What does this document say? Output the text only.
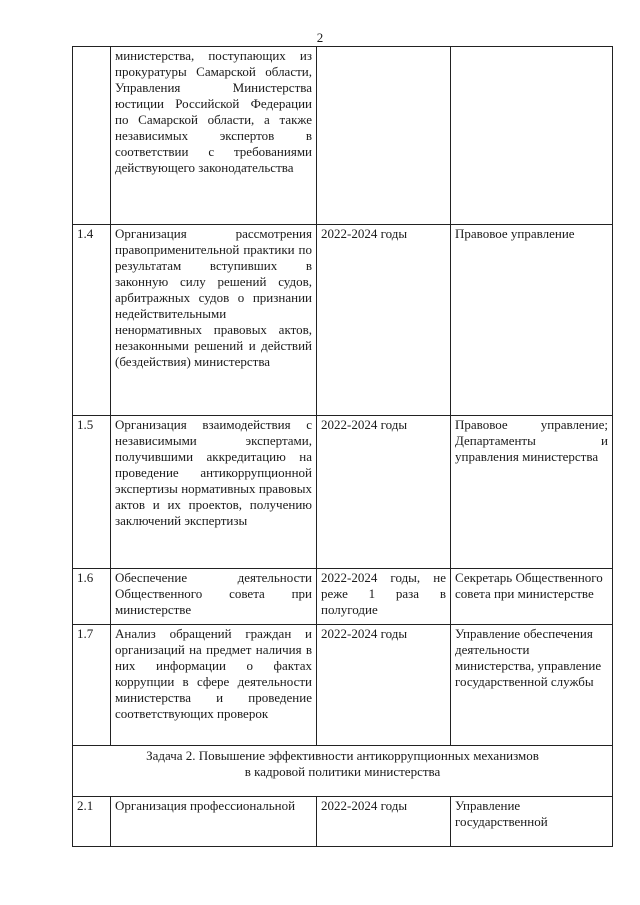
2
	министерства, поступающих из прокуратуры Самарской области, Управления Министерства юстиции Российской Федерации по Самарской области, а также независимых экспертов в соответствии с требованиями действующего законодательства		
1.4	Организация рассмотрения правоприменительной практики по результатам вступивших в законную силу решений судов, арбитражных судов о признании недействительными ненормативных правовых актов, незаконными решений и действий (бездействия) министерства	2022-2024 годы	Правовое управление
1.5	Организация взаимодействия с независимыми экспертами, получившими аккредитацию на проведение антикоррупционной экспертизы нормативных правовых актов и их проектов, получению заключений экспертизы	2022-2024 годы	Правовое управление; Департаменты и управления министерства
1.6	Обеспечение деятельности Общественного совета при министерстве	2022-2024 годы, не реже 1 раза в полугодие	Секретарь Общественного совета при министерстве
1.7	Анализ обращений граждан и организаций на предмет наличия в них информации о фактах коррупции в сфере деятельности министерства и проведение соответствующих проверок	2022-2024 годы	Управление обеспечения деятельности министерства, управление государственной службы

Задача 2. Повышение эффективности антикоррупционных механизмов
в кадровой политики министерства			

2.1	Организация профессиональной	2022-2024 годы	Управление государственной
